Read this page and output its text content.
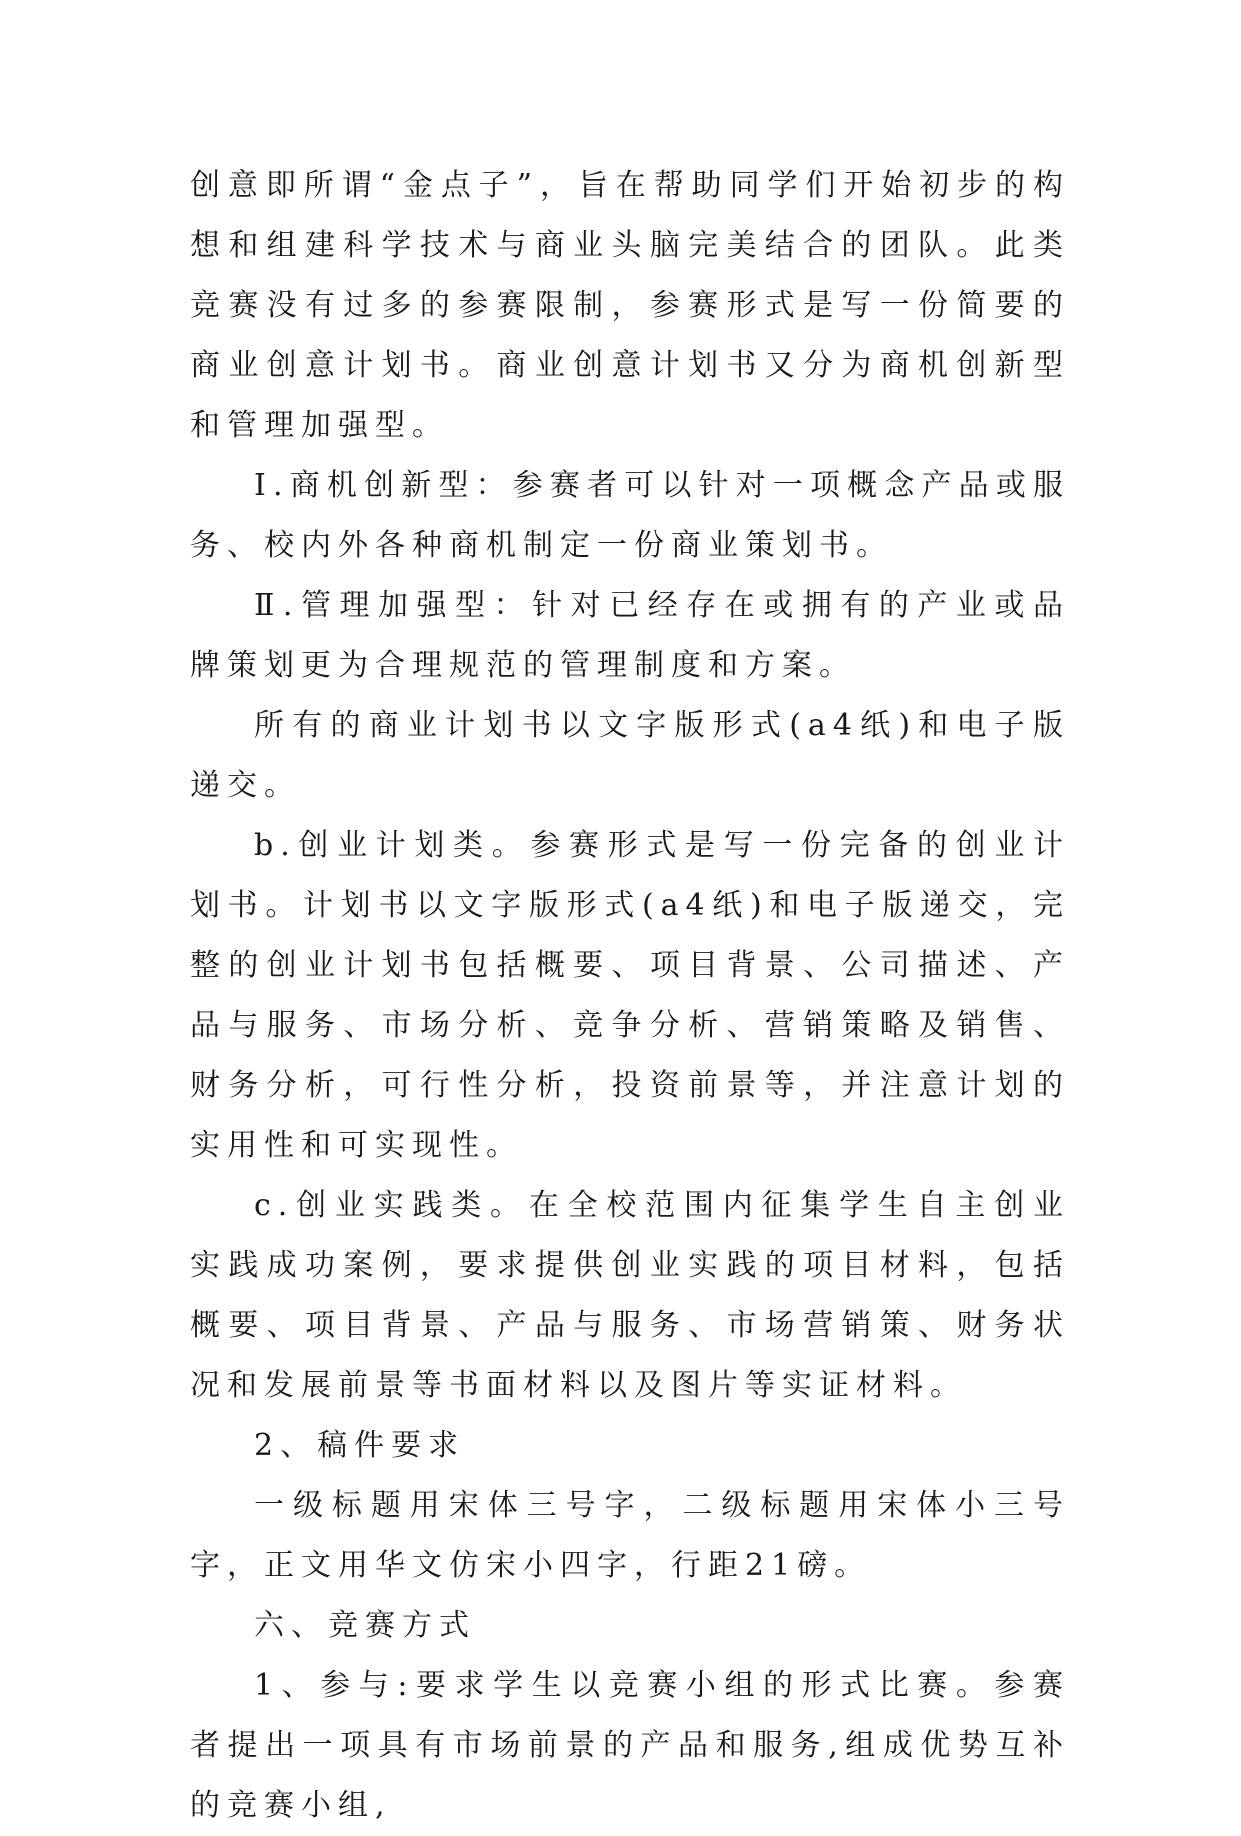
创意即所谓“金点子”，旨在帮助同学们开始初步的构想和组建科学技术与商业头脑完美结合的团队。此类竞赛没有过多的参赛限制，参赛形式是写一份简要的商业创意计划书。商业创意计划书又分为商机创新型和管理加强型。

Ⅰ.商机创新型：参赛者可以针对一项概念产品或服务、校内外各种商机制定一份商业策划书。

Ⅱ.管理加强型：针对已经存在或拥有的产业或品牌策划更为合理规范的管理制度和方案。

所有的商业计划书以文字版形式(a4纸)和电子版递交。

b.创业计划类。参赛形式是写一份完备的创业计划书。计划书以文字版形式(a4纸)和电子版递交，完整的创业计划书包括概要、项目背景、公司描述、产品与服务、市场分析、竞争分析、营销策略及销售、财务分析，可行性分析，投资前景等，并注意计划的实用性和可实现性。

c.创业实践类。在全校范围内征集学生自主创业实践成功案例，要求提供创业实践的项目材料，包括概要、项目背景、产品与服务、市场营销策、财务状况和发展前景等书面材料以及图片等实证材料。

2、稿件要求

一级标题用宋体三号字，二级标题用宋体小三号字，正文用华文仿宋小四字，行距21磅。

六、竞赛方式

1、参与:要求学生以竞赛小组的形式比赛。参赛者提出一项具有市场前景的产品和服务,组成优势互补的竞赛小组,
